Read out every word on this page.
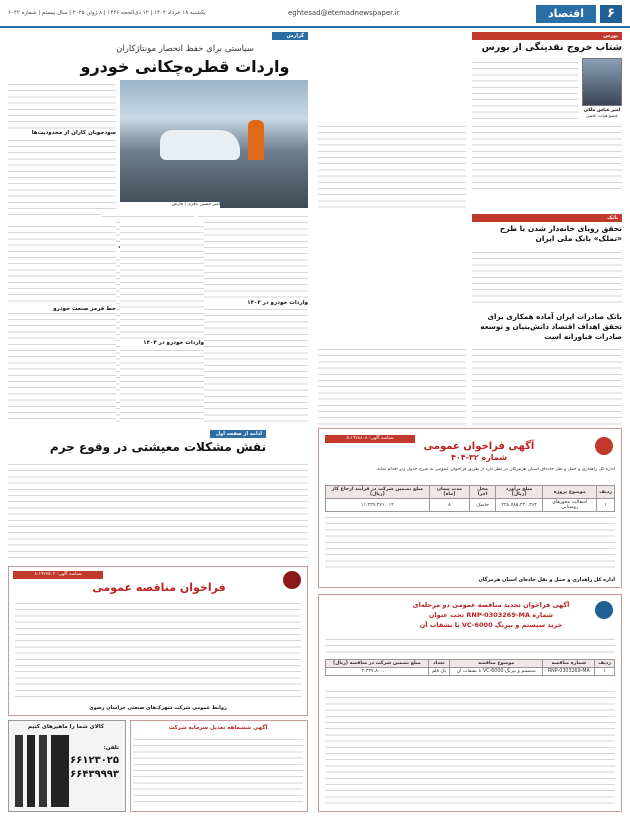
۶
اقتصاد
eghtesad@etemadnewspaper.ir
یکشنبه ۱۸ خرداد ۱۴۰۴ | ۱۲ ذی‌الحجه ۱۴۴۶ | ۸ ژوئن ۲۰۲۵ | سال بیستم | شماره ۶۰۴۲
بورس
شتاب خروج نقدینگی از بورس
امیر عباس ملکی
عضو هیات علمی
بانک
تحقق رویای خانه‌دار شدن با طرح «تملک» بانک ملی ایران
بانک صادرات ایران آماده همکاری برای تحقق اهداف اقتصاد دانش‌بنیان و توسعه صادرات فناورانه است
گزارش روز
سیاستی برای حفظ انحصار مونتاژکاران
واردات قطره‌چکانی خودرو
امیر حسین باقری | فارس
سودجویان کاران از محدودیت‌ها
واردات خودرو در ۱۴۰۳
خط قرمز صنعت خودرو
واردات خودرو در ۱۴۰۴
ادامه از صفحه اول
نقش مشکلات معیشتی در وقوع جرم
شناسه آگهی: ۱۹۲۸۸۰۸-۵
آگهی فراخوان عمومی
شماره ۳۲-۴۰۴
اداره کل راهداری و حمل و نقل جاده‌ای استان هرمزگان در نظر دارد از طریق فراخوان عمومی به شرح جدول زیر اقدام نماید.
ردیف	موضوع پروژه	مبلغ برآورد (ریال)	محل اجرا	مدت پیمان (ماه)	مبلغ تضمین شرکت در فرآیند ارجاع کار (ریال)
۱	آسفالت محورهای روستایی	۲۲۸.۷۸۵.۴۲۰.۳۶۴	جاسک	۸	۱۱.۴۳۹.۲۷۱.۰۱۲
اداره کل راهداری و حمل و نقل جاده‌ای استان هرمزگان
آگهی فراخوان تجدید مناقصه عمومی دو مرحله‌ای
شماره RNP-0303269-MA تحت عنوان
خرید سیستم و بیرنگ VC-6000 با بشقاب آن
ردیف	شماره مناقصه	موضوع مناقصه	تعداد	مبلغ تضمین شرکت در مناقصه (ریال)
۱	RNP-0303269-MA	سیستم و بیرنگ VC-6000 با بشقاب آن	یک قلم	۲.۴۳۷.۸۰۰.۰۰۰
شناسه آگهی: ۱۹۲۷۵۰۲-۸
فراخوان مناقصه عمومی
روابط عمومی شرکت شهرک‌های صنعتی خراسان رضوی
آگهی ششماهه تعدیل سرمایه شرکت
کالای شما را ماهیرهای کنیم
تلفن:
۶۶۱۲۳۰۲۵
۶۶۴۳۹۹۹۳
